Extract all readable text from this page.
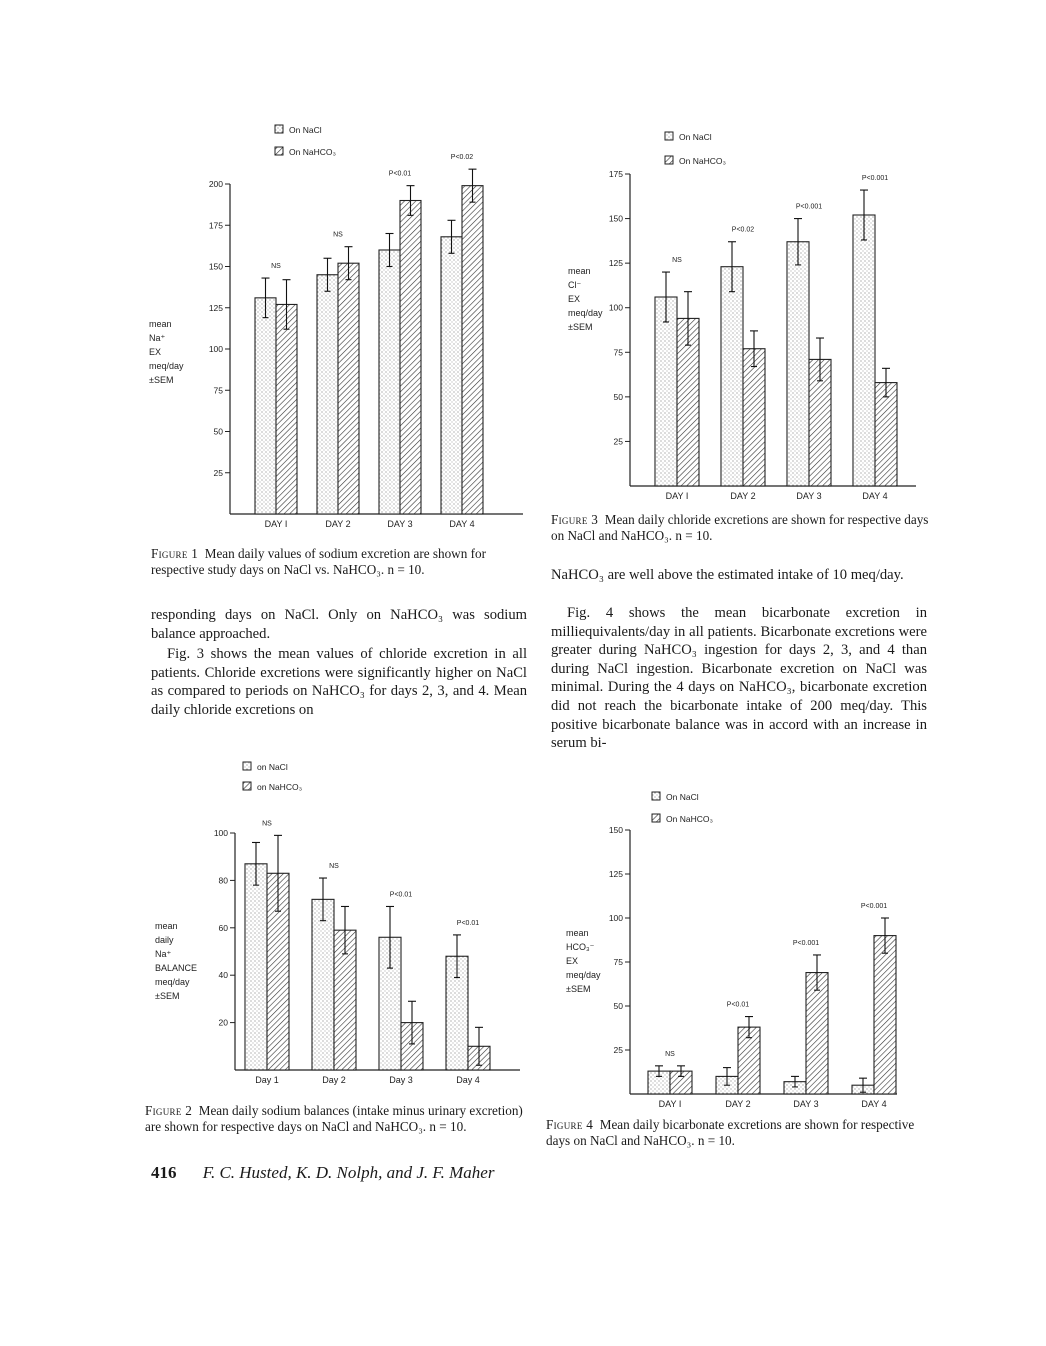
25
50
75
100
125
150
175
200
mean
Na⁺
EX
meq/day
±SEM
On NaCl
On NaHCO₃
NS
DAY I
NS
DAY 2
P<0.01
DAY 3
P<0.02
DAY 4

Figure 1 Mean daily values of sodium excretion are shown for respective study days on NaCl vs. NaHCO₃. n = 10.

25
50
75
100
125
150
175
mean
Cl⁻
EX
meq/day
±SEM
On NaCl
On NaHCO₃
NS
DAY I
P<0.02
DAY 2
P<0.001
DAY 3
P<0.001
DAY 4

Figure 3 Mean daily chloride excretions are shown for respective days on NaCl and NaHCO₃. n = 10.

responding days on NaCl. Only on NaHCO₃ was sodium balance approached.

Fig. 3 shows the mean values of chloride excretion in all patients. Chloride excretions were significantly higher on NaCl as compared to periods on NaHCO₃ for days 2, 3, and 4. Mean daily chloride excretions on

NaHCO₃ are well above the estimated intake of 10 meq/day.

Fig. 4 shows the mean bicarbonate excretion in milliequivalents/day in all patients. Bicarbonate excretions were greater during NaHCO₃ ingestion for days 2, 3, and 4 than during NaCl ingestion. Bicarbonate excretion on NaCl was minimal. During the 4 days on NaHCO₃, bicarbonate excretion did not reach the bicarbonate intake of 200 meq/day. This positive bicarbonate balance was in accord with an increase in serum bi-

20
40
60
80
100
mean
daily
Na⁺
BALANCE
meq/day
±SEM
on NaCl
on NaHCO₃
NS
Day 1
NS
Day 2
P<0.01
Day 3
P<0.01
Day 4

Figure 2 Mean daily sodium balances (intake minus urinary excretion) are shown for respective days on NaCl and NaHCO₃. n = 10.

25
50
75
100
125
150
mean
HCO₃⁻
EX
meq/day
±SEM
On NaCl
On NaHCO₃
NS
DAY I
P<0.01
DAY 2
P<0.001
DAY 3
P<0.001
DAY 4

Figure 4 Mean daily bicarbonate excretions are shown for respective days on NaCl and NaHCO₃. n = 10.

416 F. C. Husted, K. D. Nolph, and J. F. Maher
